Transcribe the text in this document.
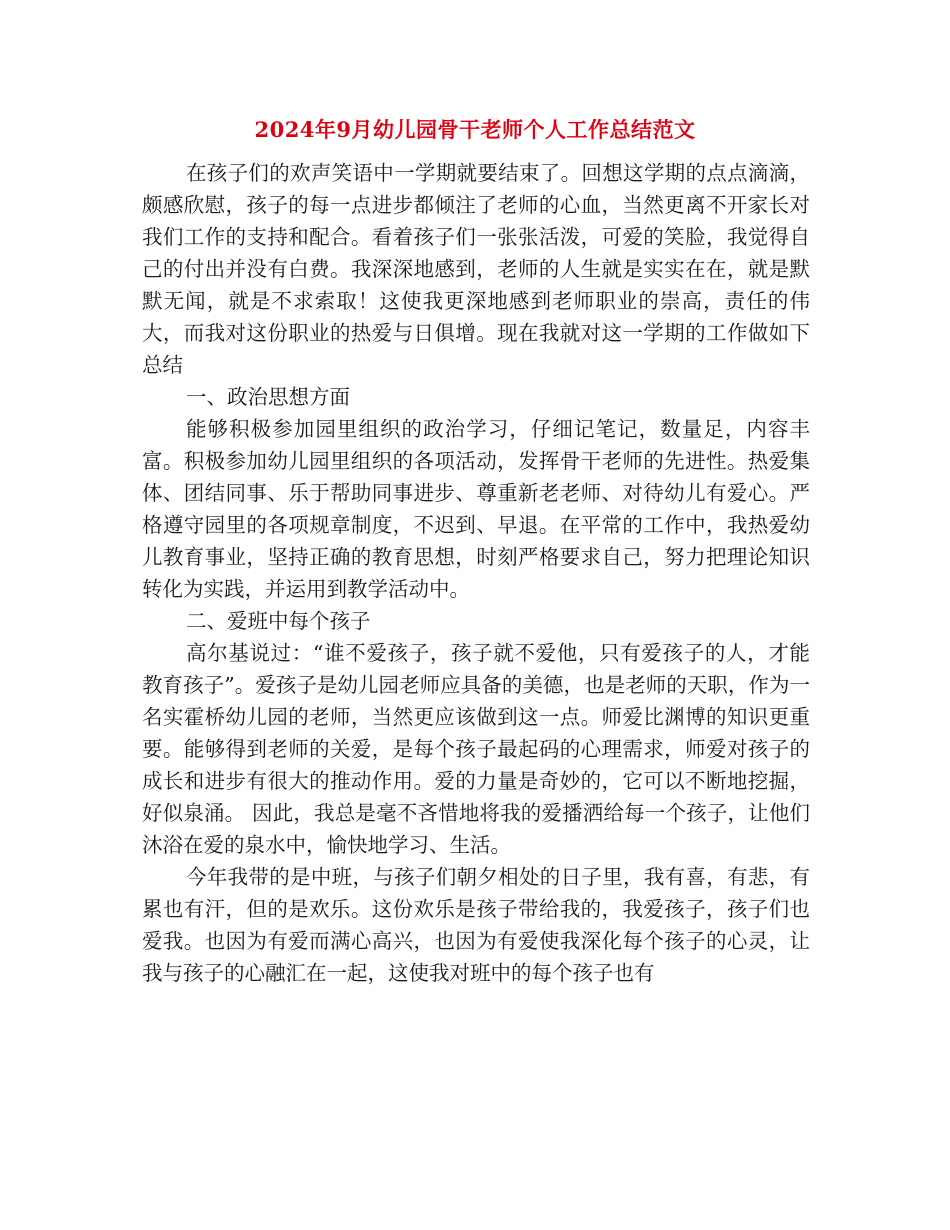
2024年9月幼儿园骨干老师个人工作总结范文

在孩子们的欢声笑语中一学期就要结束了。回想这学期的点点滴滴，颇感欣慰，孩子的每一点进步都倾注了老师的心血，当然更离不开家长对我们工作的支持和配合。看着孩子们一张张活泼，可爱的笑脸，我觉得自己的付出并没有白费。我深深地感到，老师的人生就是实实在在，就是默默无闻，就是不求索取！这使我更深地感到老师职业的崇高，责任的伟大，而我对这份职业的热爱与日俱增。现在我就对这一学期的工作做如下总结

一、政治思想方面

能够积极参加园里组织的政治学习，仔细记笔记，数量足，内容丰富。积极参加幼儿园里组织的各项活动，发挥骨干老师的先进性。热爱集体、团结同事、乐于帮助同事进步、尊重新老老师、对待幼儿有爱心。严格遵守园里的各项规章制度，不迟到、早退。在平常的工作中，我热爱幼儿教育事业，坚持正确的教育思想，时刻严格要求自己，努力把理论知识转化为实践，并运用到教学活动中。

二、爱班中每个孩子

高尔基说过：“谁不爱孩子，孩子就不爱他，只有爱孩子的人，才能教育孩子”。爱孩子是幼儿园老师应具备的美德，也是老师的天职，作为一名实霍桥幼儿园的老师，当然更应该做到这一点。师爱比渊博的知识更重要。能够得到老师的关爱，是每个孩子最起码的心理需求，师爱对孩子的成长和进步有很大的推动作用。爱的力量是奇妙的，它可以不断地挖掘，好似泉涌。 因此，我总是毫不吝惜地将我的爱播洒给每一个孩子，让他们沐浴在爱的泉水中，愉快地学习、生活。

今年我带的是中班，与孩子们朝夕相处的日子里，我有喜，有悲，有累也有汗，但的是欢乐。这份欢乐是孩子带给我的，我爱孩子，孩子们也爱我。也因为有爱而满心高兴，也因为有爱使我深化每个孩子的心灵，让我与孩子的心融汇在一起，这使我对班中的每个孩子也有
